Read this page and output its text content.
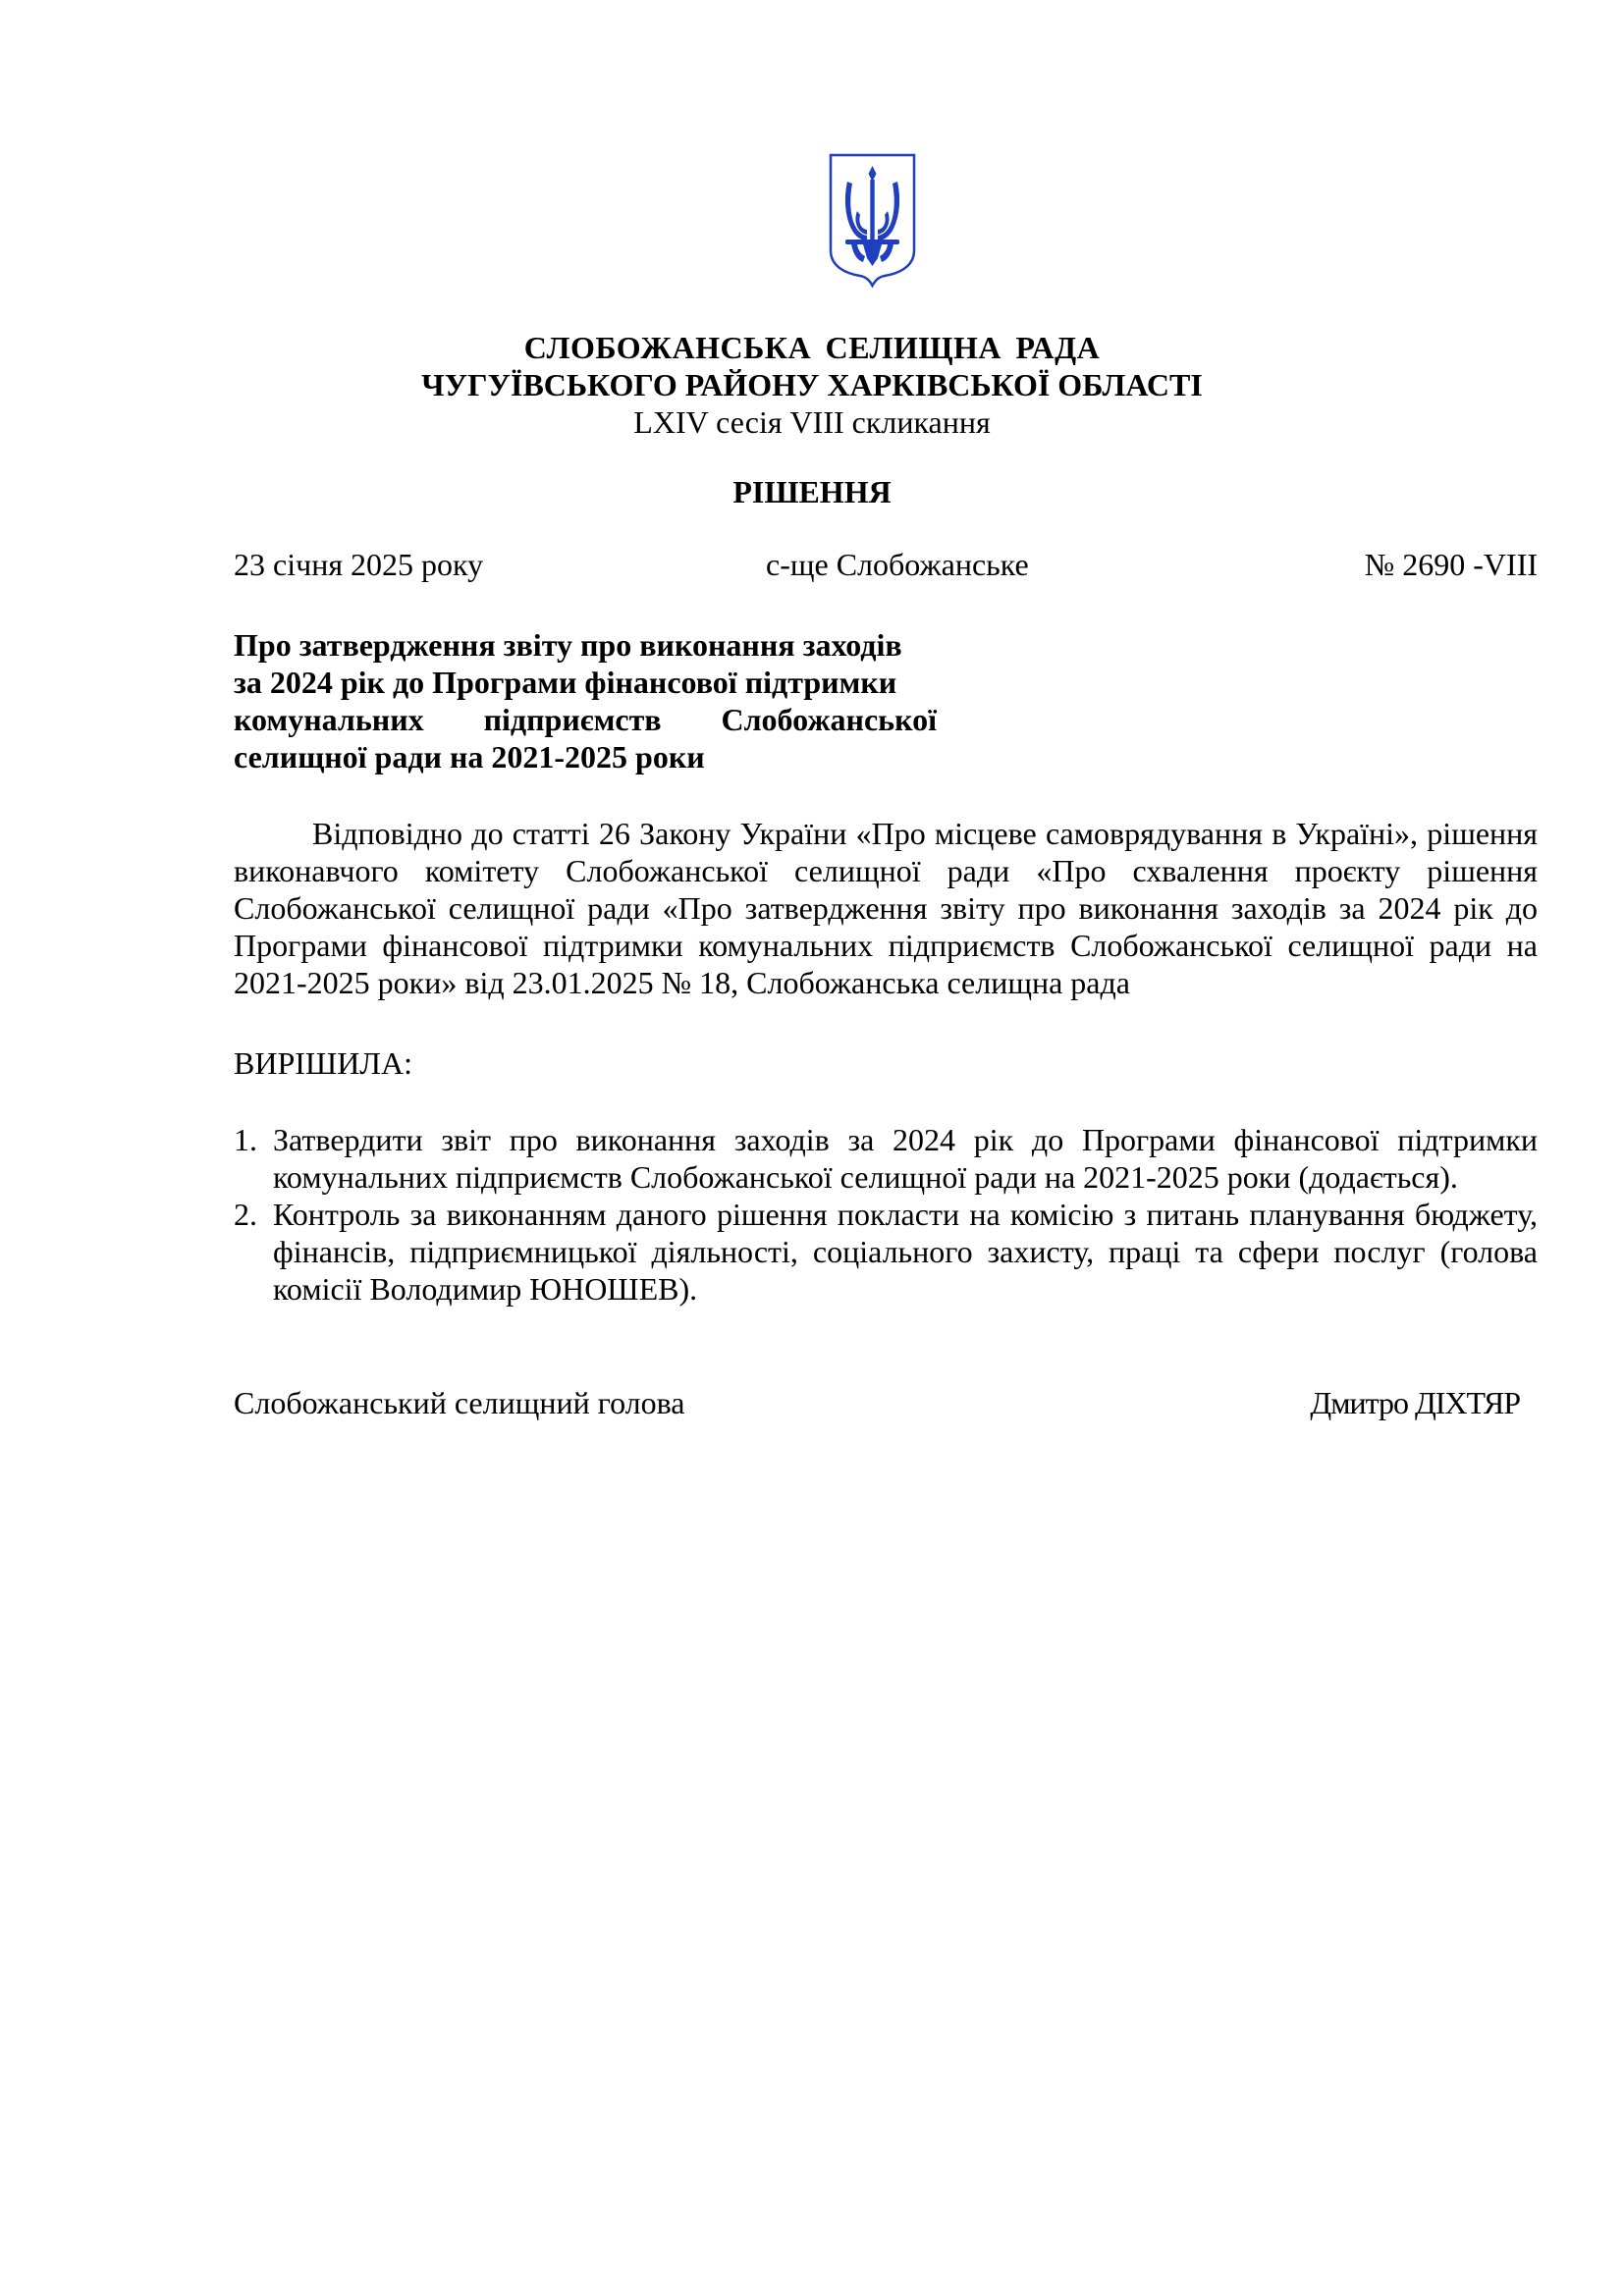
СЛОБОЖАНСЬКА СЕЛИЩНА РАДА
ЧУГУЇВСЬКОГО РАЙОНУ ХАРКІВСЬКОЇ ОБЛАСТІ
LXIV сесія VIII скликання
РІШЕННЯ
23 січня 2025 року	с-ще Слобожанське	№ 2690 -VIII
Про затвердження звіту про виконання заходів
за 2024 рік до Програми фінансової підтримки
комунальних підприємств Слобожанської
селищної ради на 2021-2025 роки

Відповідно до статті 26 Закону України «Про місцеве самоврядування в Україні», рішення виконавчого комітету Слобожанської селищної ради «Про схвалення проєкту рішення Слобожанської селищної ради «Про затвердження звіту про виконання заходів за 2024 рік до Програми фінансової підтримки комунальних підприємств Слобожанської селищної ради на 2021-2025 роки» від 23.01.2025 № 18, Слобожанська селищна рада

ВИРІШИЛА:
1. Затвердити звіт про виконання заходів за 2024 рік до Програми фінансової підтримки комунальних підприємств Слобожанської селищної ради на 2021-2025 роки (додається).
2. Контроль за виконанням даного рішення покласти на комісію з питань планування бюджету, фінансів, підприємницької діяльності, соціального захисту, праці та сфери послуг (голова комісії Володимир ЮНОШЕВ).
Слобожанський селищний голова	Дмитро ДІХТЯР
